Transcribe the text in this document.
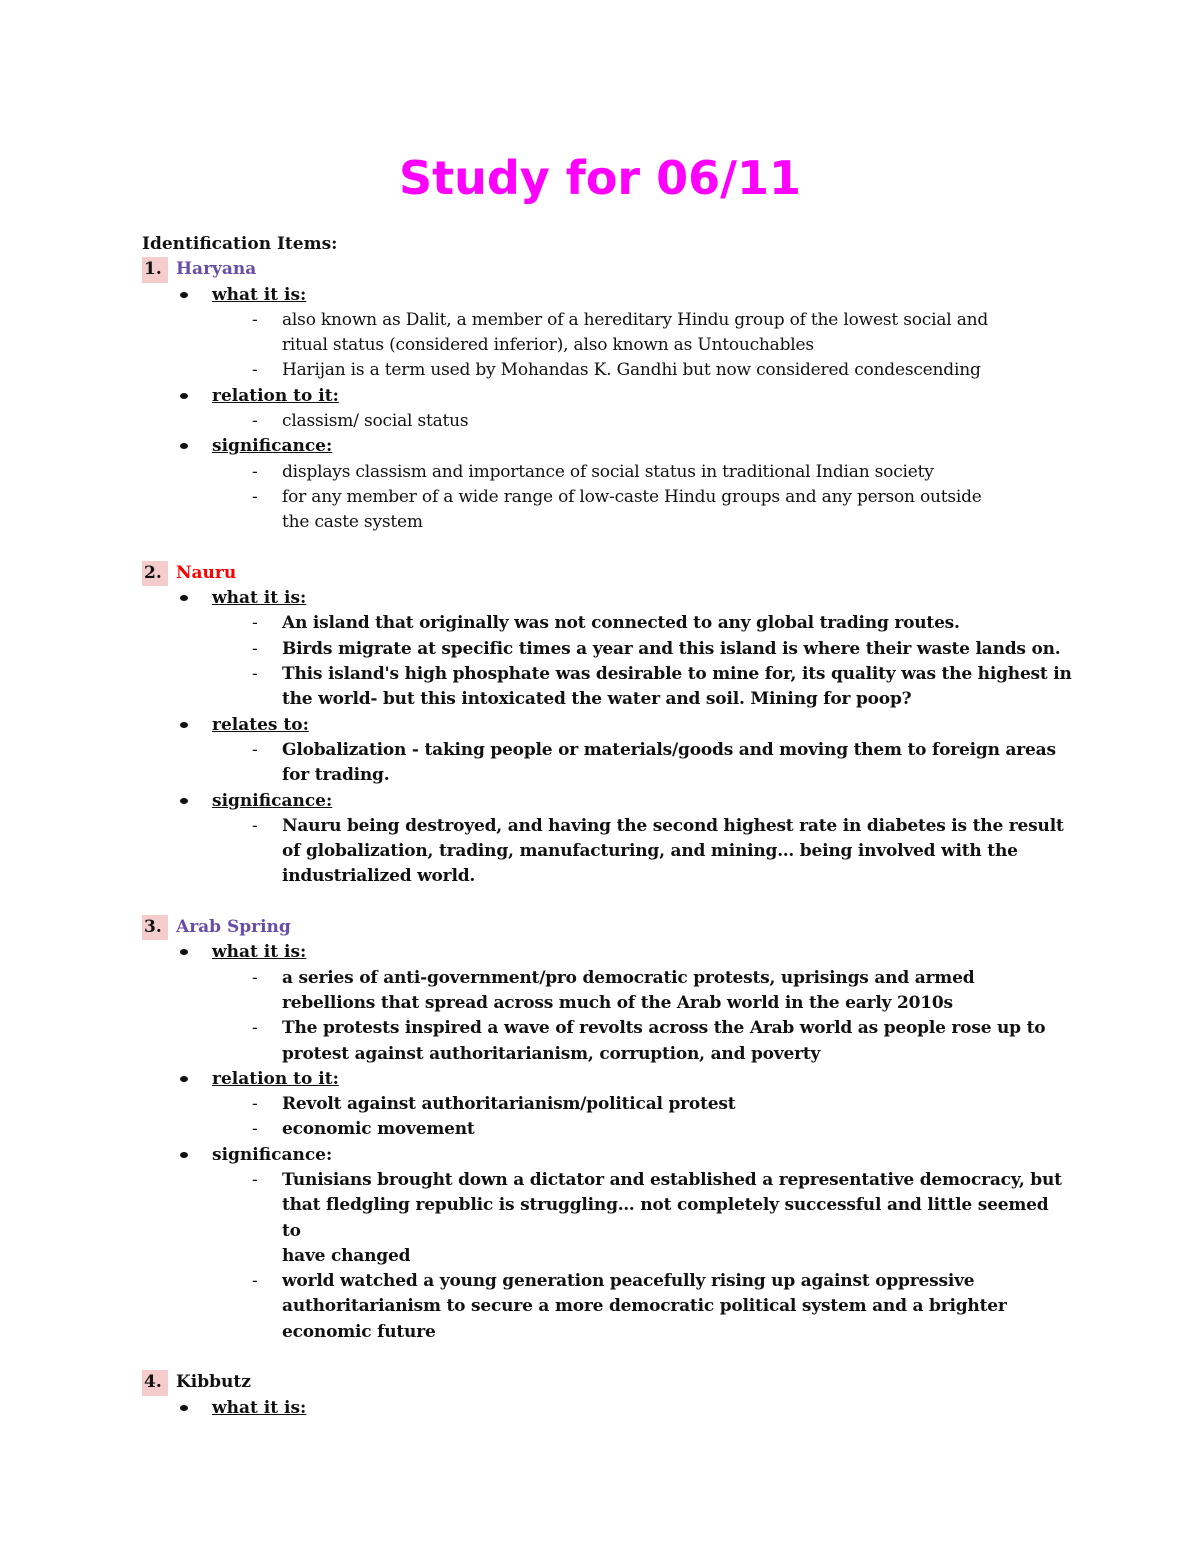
Study for 06/11

Identification Items:

1. Haryana
what it is:
- also known as Dalit, a member of a hereditary Hindu group of the lowest social and
ritual status (considered inferior), also known as Untouchables
- Harijan is a term used by Mohandas K. Gandhi but now considered condescending
relation to it:
- classism/ social status
significance:
- displays classism and importance of social status in traditional Indian society
- for any member of a wide range of low-caste Hindu groups and any person outside
the caste system
2. Nauru
what it is:
- An island that originally was not connected to any global trading routes.
- Birds migrate at specific times a year and this island is where their waste lands on.
- This island's high phosphate was desirable to mine for, its quality was the highest in
the world- but this intoxicated the water and soil. Mining for poop?
relates to:
- Globalization - taking people or materials/goods and moving them to foreign areas
for trading.
significance:
- Nauru being destroyed, and having the second highest rate in diabetes is the result
of globalization, trading, manufacturing, and mining… being involved with the
industrialized world.
3. Arab Spring
what it is:
- a series of anti-government/pro democratic protests, uprisings and armed
rebellions that spread across much of the Arab world in the early 2010s
- The protests inspired a wave of revolts across the Arab world as people rose up to
protest against authoritarianism, corruption, and poverty
relation to it:
- Revolt against authoritarianism/political protest
- economic movement
significance:
- Tunisians brought down a dictator and established a representative democracy, but
that fledgling republic is struggling… not completely successful and little seemed to
have changed
- world watched a young generation peacefully rising up against oppressive
authoritarianism to secure a more democratic political system and a brighter
economic future
4. Kibbutz
what it is:
